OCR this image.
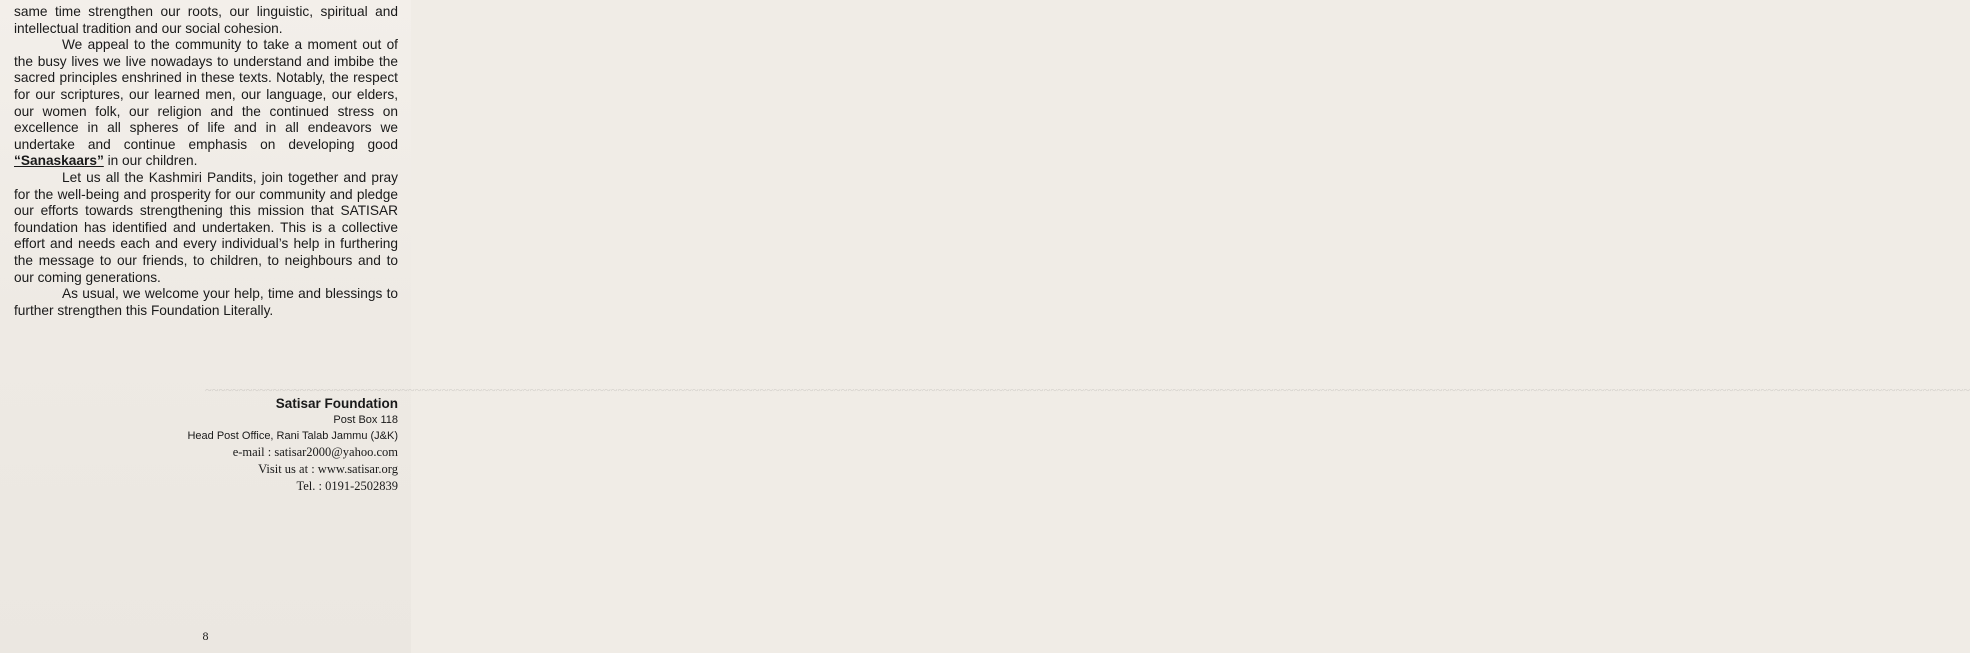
~~~~~~~~~~~~~~~~~~~~~~~~~~~~~~~~~~~~~~~~~~~~~~~~~~~~~~~~~~~~~~~~~~~~~~~~~~~~~~~~~~~~~~~~~~~~~~~~~~~~~~~~~~~~~~~~~~~~~~~~~~~~~~~~~~~~~~~~~~~~~~~~~~~~~~~~~~~~~~~~~~~~~~~~~~~~~~~~~~~~~~~~~~~~~~~~~~~~~~~~~~~~~~~~~~~~~~~~~~~~~~~~~~~~~~~~~~~~~~~~~~~~~~~~~~~~~~~~~~~~~

same time strengthen our roots, our linguistic, spiritual and intellectual tradition and our social cohesion.

We appeal to the community to take a moment out of the busy lives we live nowadays to understand and imbibe the sacred principles enshrined in these texts. Notably, the respect for our scriptures, our learned men, our language, our elders, our women folk, our religion and the continued stress on excellence in all spheres of life and in all endeavors we undertake and continue emphasis on developing good “Sanaskaars” in our children.

Let us all the Kashmiri Pandits, join together and pray for the well-being and prosperity for our community and pledge our efforts towards strengthening this mission that SATISAR foundation has identified and undertaken. This is a collective effort and needs each and every individual’s help in furthering the message to our friends, to children, to neighbours and to our coming generations.

As usual, we welcome your help, time and blessings to further strengthen this Foundation Literally.

Satisar Foundation
Post Box 118
Head Post Office, Rani Talab Jammu (J&K)
e-mail : satisar2000@yahoo.com
Visit us at : www.satisar.org
Tel. : 0191-2502839
8
